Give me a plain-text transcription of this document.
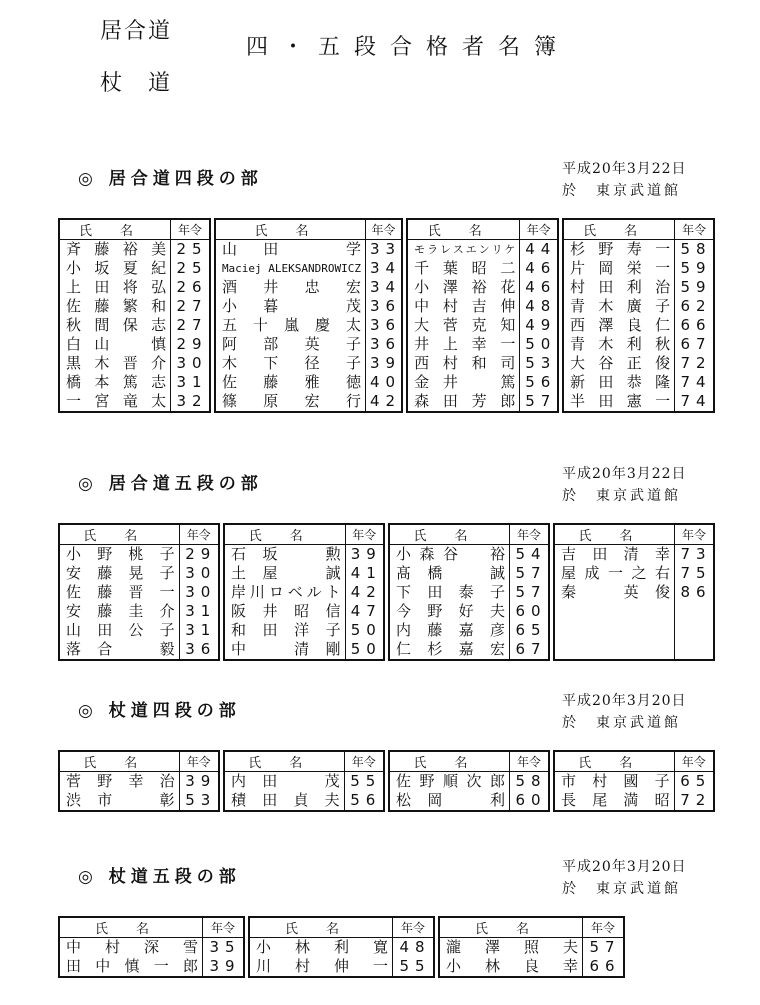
居合道
杖　道
四・五段合格者名簿
◎ 居合道四段の部	平成20年3月22日
於　東京武道館
氏名	年令
斉藤裕美	25
小坂夏紀	25
上田将弘	26
佐藤繁和	27
秋間保志	27
白山　慎	29
黒木晋介	30
橋本篤志	31
一宮竜太	32
氏名	年令
山田　学	33
Maciej ALEKSANDROWICZ	34
酒井忠宏	34
小暮　茂	36
五十嵐慶太	36
阿部英子	36
木下径子	39
佐藤雅徳	40
篠原宏行	42
氏名	年令
モラレスエンリケ	44
千葉昭二	46
小澤裕花	46
中村吉伸	48
大菅克知	49
井上幸一	50
西村和司	53
金井　篤	56
森田芳郎	57
氏名	年令
杉野寿一	58
片岡栄一	59
村田利治	59
青木廣子	62
西澤良仁	66
青木利秋	67
大谷正俊	72
新田恭隆	74
半田憲一	74
◎ 居合道五段の部	平成20年3月22日
於　東京武道館
氏名	年令
小野桃子	29
安藤晃子	30
佐藤晋一	30
安藤圭介	31
山田公子	31
落合　毅	36
氏名	年令
石坂　勲	39
土屋　誠	41
岸川ロベルト	42
阪井昭信	47
和田洋子	50
中　清剛	50
氏名	年令
小森谷　裕	54
髙橋　誠	57
下田泰子	57
今野好夫	60
内藤嘉彦	65
仁杉嘉宏	67
氏名	年令
吉田清幸	73
屋成一之右	75
秦　英俊	86

◎ 杖道四段の部	平成20年3月20日
於　東京武道館
氏名	年令
菅野幸治	39
渋市　彰	53
氏名	年令
内田　茂	55
積田貞夫	56
氏名	年令
佐野順次郎	58
松岡　利	60
氏名	年令
市村國子	65
長尾満昭	72
◎ 杖道五段の部	平成20年3月20日
於　東京武道館
氏名	年令
中村深雪	35
田中慎一郎	39
氏名	年令
小林利寛	48
川村伸一	55
氏名	年令
瀧澤照夫	57
小林良幸	66
